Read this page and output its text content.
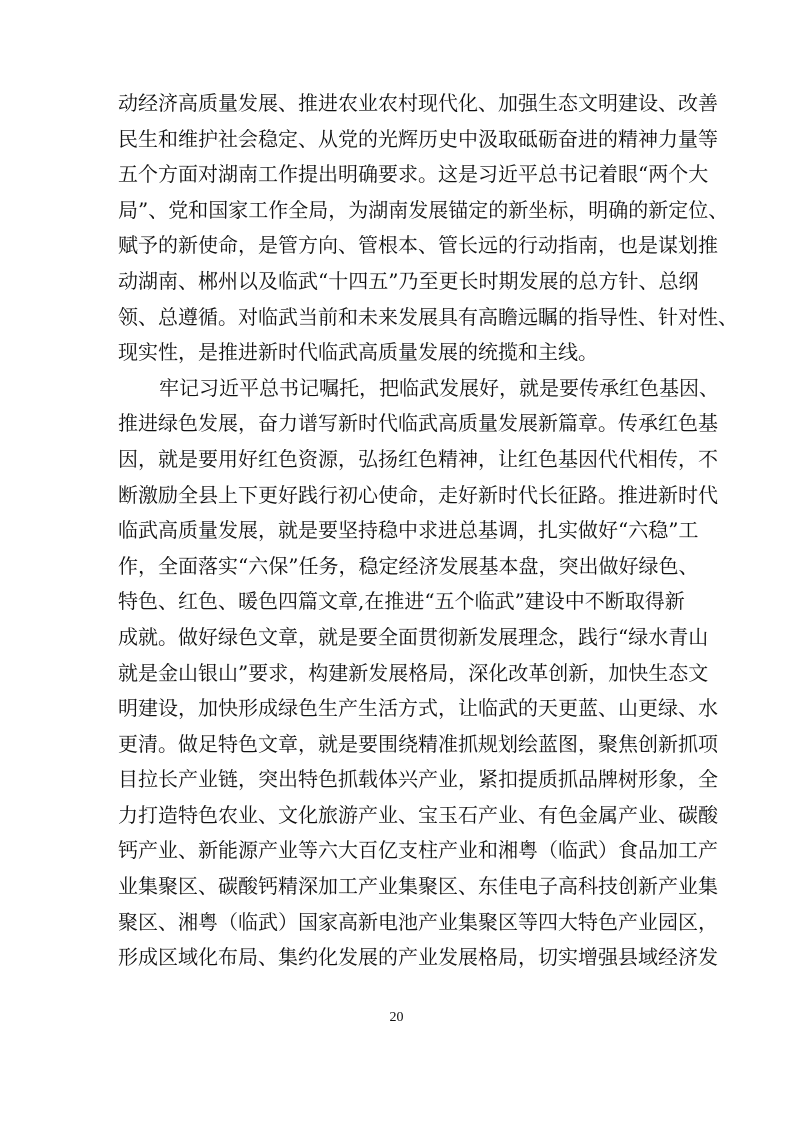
动经济高质量发展、推进农业农村现代化、加强生态文明建设、改善
民生和维护社会稳定、从党的光辉历史中汲取砥砺奋进的精神力量等
五个方面对湖南工作提出明确要求。这是习近平总书记着眼“两个大
局”、党和国家工作全局，为湖南发展锚定的新坐标，明确的新定位、
赋予的新使命，是管方向、管根本、管长远的行动指南，也是谋划推
动湖南、郴州以及临武“十四五”乃至更长时期发展的总方针、总纲
领、总遵循。对临武当前和未来发展具有高瞻远瞩的指导性、针对性、
现实性，是推进新时代临武高质量发展的统揽和主线。
牢记习近平总书记嘱托，把临武发展好，就是要传承红色基因、
推进绿色发展，奋力谱写新时代临武高质量发展新篇章。传承红色基
因，就是要用好红色资源，弘扬红色精神，让红色基因代代相传，不
断激励全县上下更好践行初心使命，走好新时代长征路。推进新时代
临武高质量发展，就是要坚持稳中求进总基调，扎实做好“六稳”工
作，全面落实“六保”任务，稳定经济发展基本盘，突出做好绿色、
特色、红色、暖色四篇文章,在推进“五个临武”建设中不断取得新
成就。做好绿色文章，就是要全面贯彻新发展理念，践行“绿水青山
就是金山银山”要求，构建新发展格局，深化改革创新，加快生态文
明建设，加快形成绿色生产生活方式，让临武的天更蓝、山更绿、水
更清。做足特色文章，就是要围绕精准抓规划绘蓝图，聚焦创新抓项
目拉长产业链，突出特色抓载体兴产业，紧扣提质抓品牌树形象，全
力打造特色农业、文化旅游产业、宝玉石产业、有色金属产业、碳酸
钙产业、新能源产业等六大百亿支柱产业和湘粤（临武）食品加工产
业集聚区、碳酸钙精深加工产业集聚区、东佳电子高科技创新产业集
聚区、湘粤（临武）国家高新电池产业集聚区等四大特色产业园区，
形成区域化布局、集约化发展的产业发展格局，切实增强县域经济发
20
